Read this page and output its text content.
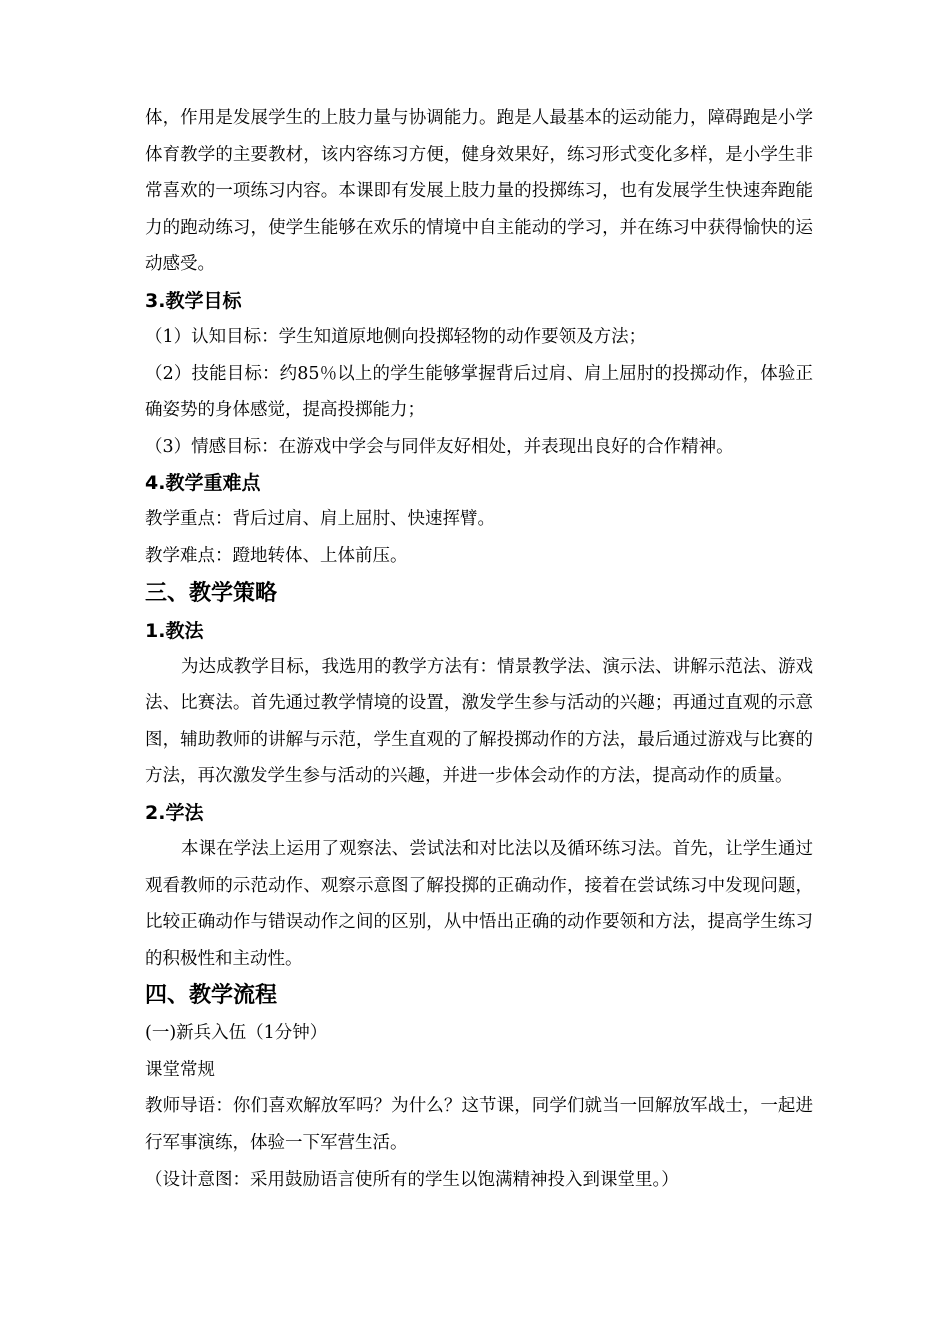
体，作用是发展学生的上肢力量与协调能力。跑是人最基本的运动能力，障碍跑是小学体育教学的主要教材，该内容练习方便，健身效果好，练习形式变化多样，是小学生非常喜欢的一项练习内容。本课即有发展上肢力量的投掷练习，也有发展学生快速奔跑能力的跑动练习，使学生能够在欢乐的情境中自主能动的学习，并在练习中获得愉快的运动感受。

3.教学目标

（1）认知目标：学生知道原地侧向投掷轻物的动作要领及方法；

（2）技能目标：约85％以上的学生能够掌握背后过肩、肩上屈肘的投掷动作，体验正确姿势的身体感觉，提高投掷能力；

（3）情感目标：在游戏中学会与同伴友好相处，并表现出良好的合作精神。

4.教学重难点

教学重点：背后过肩、肩上屈肘、快速挥臂。

教学难点：蹬地转体、上体前压。

三、教学策略
1.教法

为达成教学目标，我选用的教学方法有：情景教学法、演示法、讲解示范法、游戏法、比赛法。首先通过教学情境的设置，激发学生参与活动的兴趣；再通过直观的示意图，辅助教师的讲解与示范，学生直观的了解投掷动作的方法，最后通过游戏与比赛的方法，再次激发学生参与活动的兴趣，并进一步体会动作的方法，提高动作的质量。

2.学法

本课在学法上运用了观察法、尝试法和对比法以及循环练习法。首先，让学生通过观看教师的示范动作、观察示意图了解投掷的正确动作，接着在尝试练习中发现问题，比较正确动作与错误动作之间的区别，从中悟出正确的动作要领和方法，提高学生练习的积极性和主动性。

四、教学流程

(一)新兵入伍（1分钟）

课堂常规

教师导语：你们喜欢解放军吗？为什么？这节课，同学们就当一回解放军战士，一起进行军事演练，体验一下军营生活。

（设计意图：采用鼓励语言使所有的学生以饱满精神投入到课堂里。）
